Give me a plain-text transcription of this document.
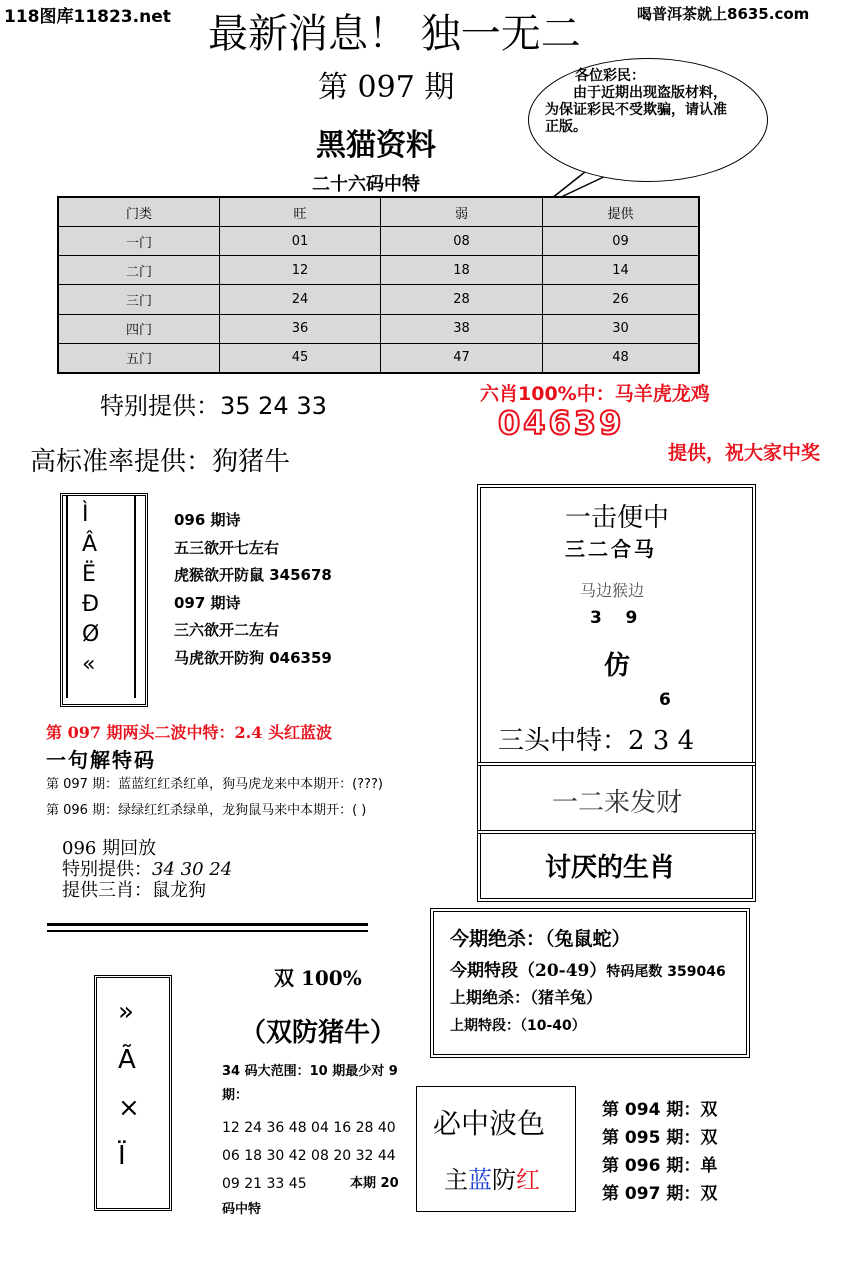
118图库11823.net 最新消息！ 独一无二	喝普洱茶就上8635.com
第 097 期
黑猫资料
二十六码中特
各位彩民：
由于近期出现盗版材料，为保证彩民不受欺骗，请认准正版。
门类	旺	弱	提供
一门	01	08	09
二门	12	18	14
三门	24	28	26
四门	36	38	30
五门	45	47	48
特别提供：35 24 33
高标准率提供：狗猪牛
六肖100%中：马羊虎龙鸡
04639
提供，祝大家中奖
Ì
Â
Ë
Ð
Ø
«
096 期诗
五三欲开七左右
虎猴欲开防鼠 345678
097 期诗
三六欲开二左右
马虎欲开防狗 046359
一击便中
三二合马
马边猴边
3    9
仿
6
三头中特：2 3 4
一二来发财
讨厌的生肖
第 097 期两头二波中特：2.4 头红蓝波
一句解特码
第 097 期：蓝蓝红红杀红单，狗马虎龙来中本期开：(???)
第 096 期：绿绿红红杀绿单，龙狗鼠马来中本期开：( )
096 期回放
特别提供：34 30 24
提供三肖：鼠龙狗
»
Ã
×
Ï
双 100%
（双防猪牛）
34 码大范围：10 期最少对 9 期：
12 24 36 48 04 16 28 40
06 18 30 42 08 20 32 44
09 21 33 45	本期 20
码中特
今期绝杀：（兔鼠蛇）
今期特段（20-49）特码尾数 359046
上期绝杀：（猪羊兔）
上期特段：（10-40）
必中波色
主蓝防红
第 094 期：双
第 095 期：双
第 096 期：单
第 097 期：双
